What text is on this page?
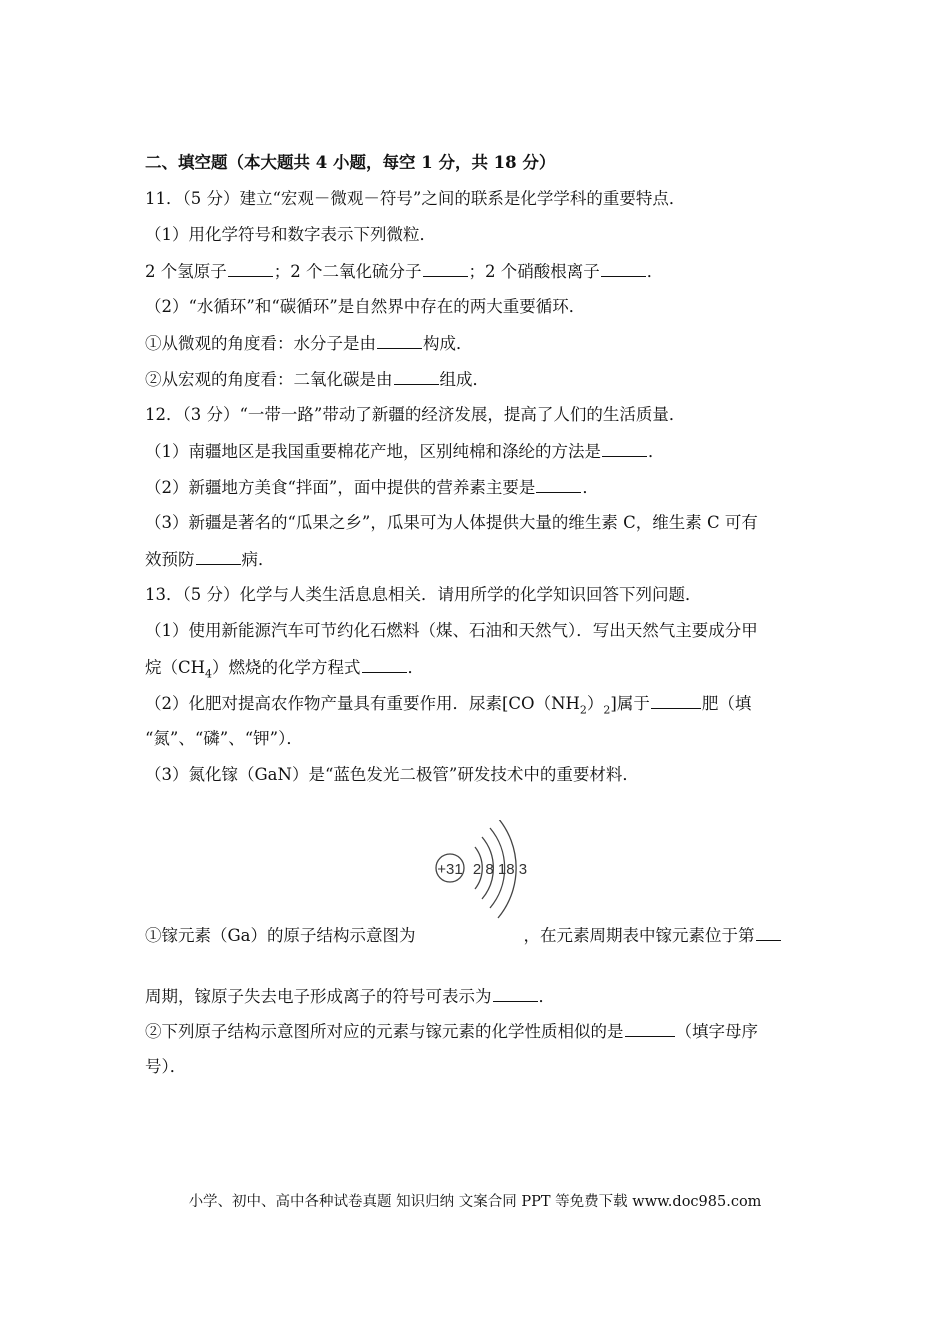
二、填空题（本大题共 4 小题，每空 1 分，共 18 分）
11．（5 分）建立“宏观－微观－符号”之间的联系是化学学科的重要特点．
（1）用化学符号和数字表示下列微粒．
2 个氢原子	；2 个二氧化硫分子	；2 个硝酸根离子	．
（2）“水循环”和“碳循环”是自然界中存在的两大重要循环．
①从微观的角度看：水分子是由	构成．
②从宏观的角度看：二氧化碳是由	组成．
12．（3 分）“一带一路”带动了新疆的经济发展，提高了人们的生活质量．
（1）南疆地区是我国重要棉花产地，区别纯棉和涤纶的方法是	．
（2）新疆地方美食“拌面”，面中提供的营养素主要是	．
（3）新疆是著名的“瓜果之乡”，瓜果可为人体提供大量的维生素 C，维生素 C 可有
效预防	病．
13．（5 分）化学与人类生活息息相关．请用所学的化学知识回答下列问题．
（1）使用新能源汽车可节约化石燃料（煤、石油和天然气）．写出天然气主要成分甲
烷$(CH_4)$燃烧的化学方程式	．
（2）化肥对提高农作物产量具有重要作用．尿素$[CO(NH_2)_2]$属于	肥（填
“氮”、“磷”、“钾”）．
（3）氮化镓（GaN）是“蓝色发光二极管”研发技术中的重要材料．
+31 2 8 18 3
①镓元素（Ga）的原子结构示意图为	，在元素周期表中镓元素位于第
周期，镓原子失去电子形成离子的符号可表示为	．
②下列原子结构示意图所对应的元素与镓元素的化学性质相似的是	（填字母序
号）．
小学、初中、高中各种试卷真题 知识归纳 文案合同 PPT 等免费下载 www.doc985.com
